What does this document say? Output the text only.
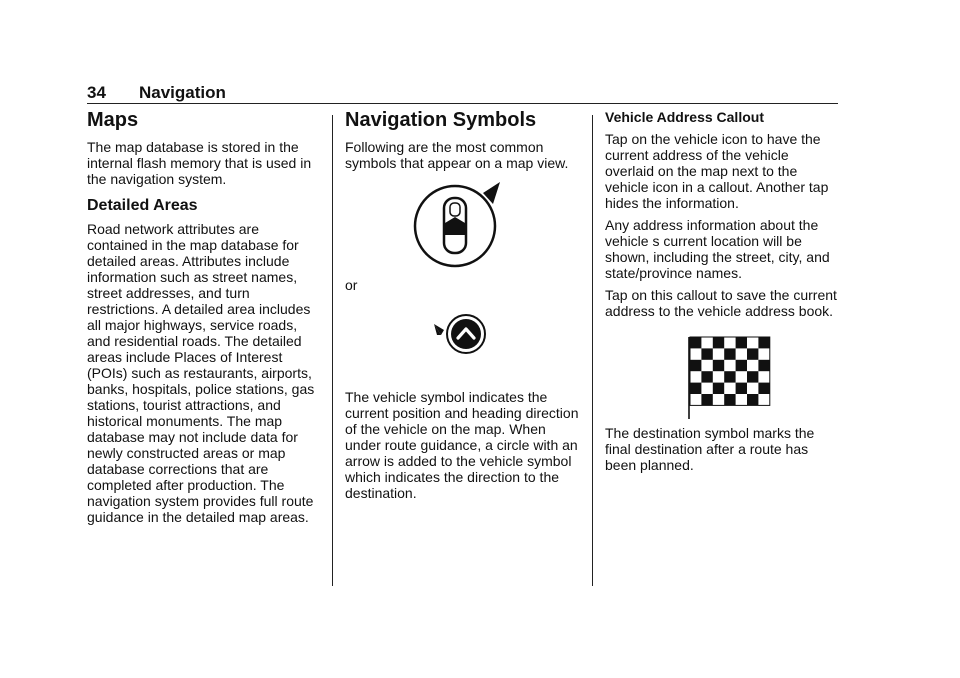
34 Navigation
Maps

The map database is stored in the internal flash memory that is used in the navigation system.

Detailed Areas

Road network attributes are contained in the map database for detailed areas. Attributes include information such as street names, street addresses, and turn restrictions. A detailed area includes all major highways, service roads, and residential roads. The detailed areas include Places of Interest (POIs) such as restaurants, airports, banks, hospitals, police stations, gas stations, tourist attractions, and historical monuments. The map database may not include data for newly constructed areas or map database corrections that are completed after production. The navigation system provides full route guidance in the detailed map areas.

Navigation Symbols

Following are the most common symbols that appear on a map view.

or

The vehicle symbol indicates the current position and heading direction of the vehicle on the map. When under route guidance, a circle with an arrow is added to the vehicle symbol which indicates the direction to the destination.

Vehicle Address Callout

Tap on the vehicle icon to have the current address of the vehicle overlaid on the map next to the vehicle icon in a callout. Another tap hides the information.

Any address information about the vehicle s current location will be shown, including the street, city, and state/province names.

Tap on this callout to save the current address to the vehicle address book.

The destination symbol marks the final destination after a route has been planned.
